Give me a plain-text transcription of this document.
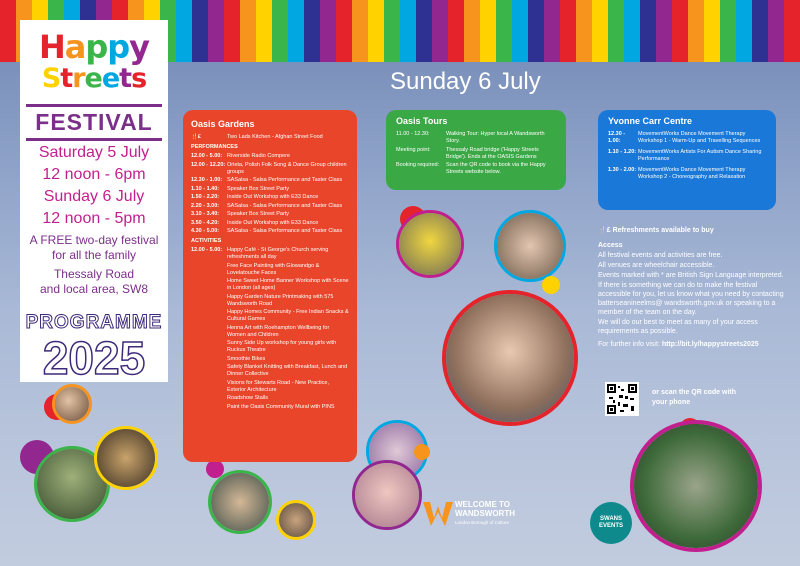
Happy
Streets
FESTIVAL
Saturday 5 July
12 noon - 6pm
Sunday 6 July
12 noon - 5pm
A FREE two-day festival
for all the family
Thessaly Road
and local area, SW8
PROGRAMME
2025
Sunday 6 July
Oasis Gardens
🍴£	Two Lads Kitchen - Afghan Street Food
PERFORMANCES
12.00 - 5.00: Riverside Radio Compere
12.00 - 12.20: Orleta, Polish Folk Song & Dance Group children groups
12.30 - 1.00: SASalsa - Salsa Performance and Taster Class
1.10 - 1.40:	Speaker Box Street Party
1.50 - 2.20:	Inside Out Workshop with E33 Dance
2.20 - 3.00:	SASalsa - Salsa Performance and Taster Class
3.10 - 3.40:	Speaker Box Street Party
3.50 - 4.20:	Inside Out Workshop with E33 Dance
4.30 - 5.00:	SASalsa - Salsa Performance and Taster Class
ACTIVITIES
12.00 - 5.00: Happy Café - St George's Church serving refreshments all day
Free Face Painting with Glowandgo & Lovelatouche Faces
Home Sweet Home Banner Workshop with Scene in London (all ages)
Happy Garden Nature Printmaking with 575 Wandsworth Road
Happy Homes Community - Free Indian Snacks & Cultural Games
Henna Art with Roehampton Wellbeing for Women and Children
Sunny Side Up workshop for young girls with Ruckus Theatre
Smoothie Bikes
Safety Blanket Knitting with Breakfast, Lunch and Dinner Collective
Visions for Stewarts Road - New Practice, Exterior Architecture
Roadshow Stalls
Paint the Oasis Community Mural with PINS
Oasis Tours
11.00 - 12.30:	Walking Tour: Hyper local A Wandsworth Story.
Meeting point:	Thessaly Road bridge ('Happy Streets Bridge'). Ends at the OASIS Gardens
Booking required:	Scan the QR code to book via the Happy Streets website below.
Yvonne Carr Centre
12.30 - 1.00:
MovementWorks Dance Movement Therapy Workshop 1 - Warm-Up and Travelling Sequences
1.10 - 1.20: MovementWorks Artists For Autism Dance Sharing Performance
1.30 - 2.00: MovementWorks Dance Movement Therapy Workshop 2 - Choreography and Relaxation

🍴£ Refreshments available to buy

Access

All festival events and activities are free.

All venues are wheelchair accessible.

Events marked with * are British Sign Language interpreted.

If there is something we can do to make the festival accessible for you, let us know what you need by contacting batterseanineelms@ wandsworth.gov.uk or speaking to a member of the team on the day.

We will do our best to meet as many of your access requirements as possible.

For further info visit: http://bit.ly/happystreets2025

or scan the QR code with your phone
WELCOME TO
WANDSWORTH
London Borough of Culture
SWANS
EVENTS
